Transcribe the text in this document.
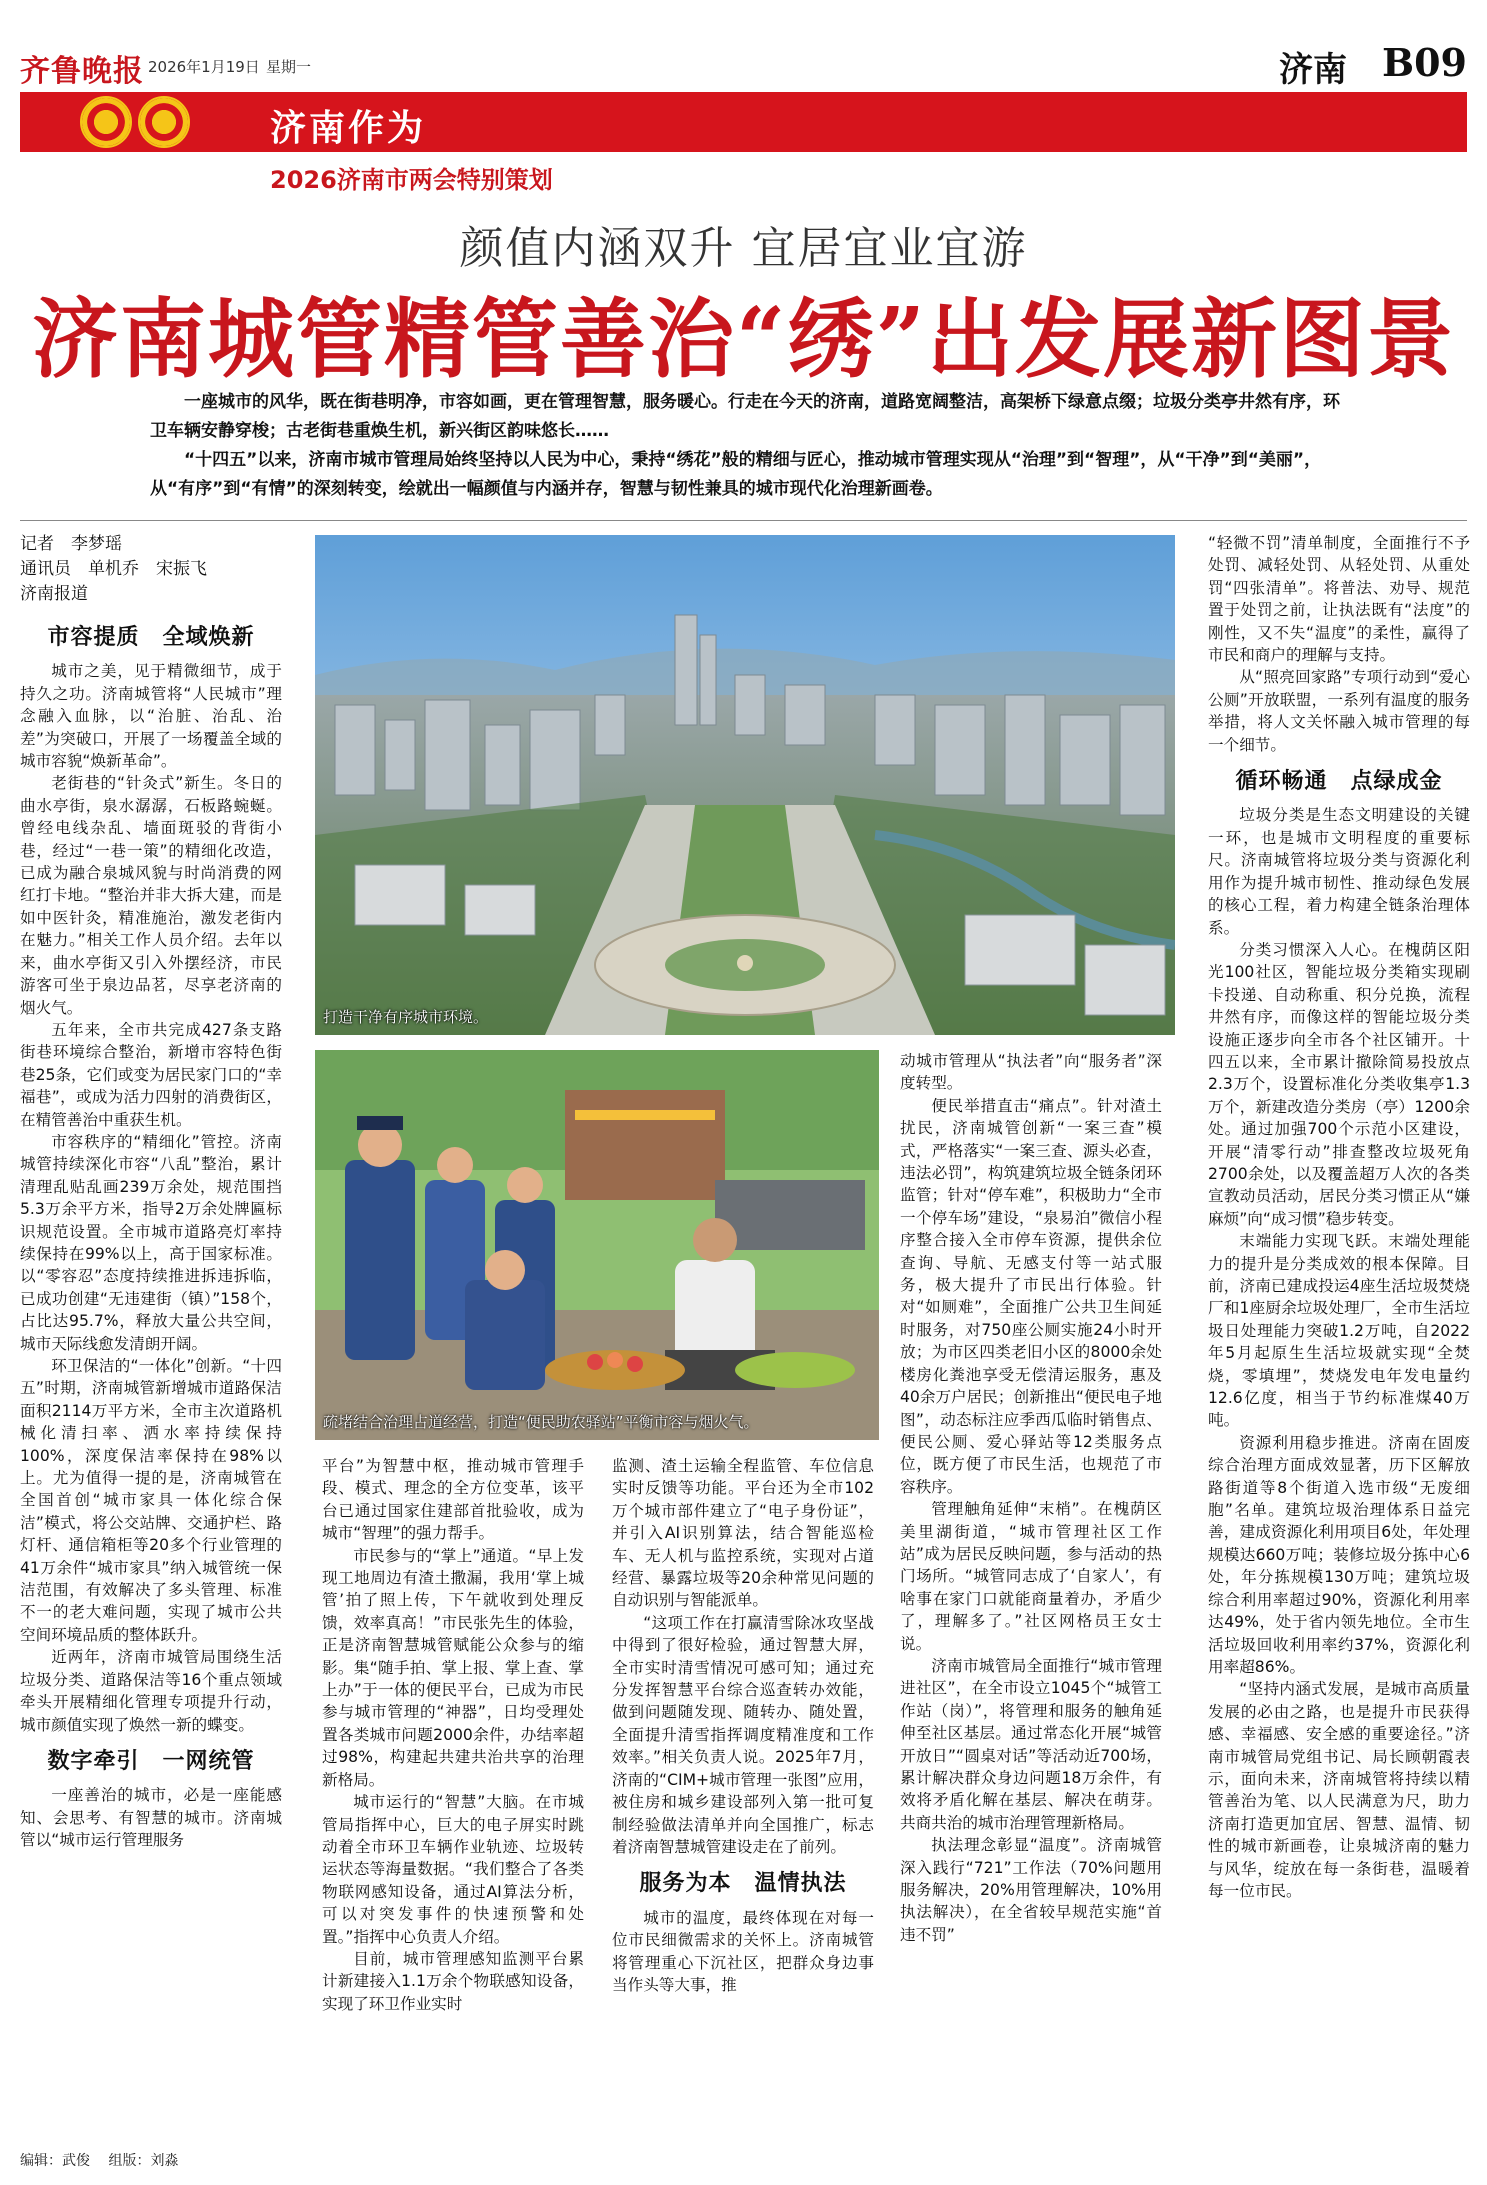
齐鲁晚报 2026年1月19日 星期一	济南 B09
济南作为
2026济南市两会特别策划
颜值内涵双升 宜居宜业宜游
济南城管精管善治“绣”出发展新图景

一座城市的风华，既在街巷明净，市容如画，更在管理智慧，服务暖心。行走在今天的济南，道路宽阔整洁，高架桥下绿意点缀；垃圾分类亭井然有序，环卫车辆安静穿梭；古老街巷重焕生机，新兴街区韵味悠长……

“十四五”以来，济南市城市管理局始终坚持以人民为中心，秉持“绣花”般的精细与匠心，推动城市管理实现从“治理”到“智理”，从“干净”到“美丽”，从“有序”到“有情”的深刻转变，绘就出一幅颜值与内涵并存，智慧与韧性兼具的城市现代化治理新画卷。

记者　李梦瑶
通讯员　单机乔　宋振飞
济南报道
市容提质　全域焕新

城市之美，见于精微细节，成于持久之功。济南城管将“人民城市”理念融入血脉，以“治脏、治乱、治差”为突破口，开展了一场覆盖全域的城市容貌“焕新革命”。

老街巷的“针灸式”新生。冬日的曲水亭街，泉水潺潺，石板路蜿蜒。曾经电线杂乱、墙面斑驳的背街小巷，经过“一巷一策”的精细化改造，已成为融合泉城风貌与时尚消费的网红打卡地。“整治并非大拆大建，而是如中医针灸，精准施治，激发老街内在魅力。”相关工作人员介绍。去年以来，曲水亭街又引入外摆经济，市民游客可坐于泉边品茗，尽享老济南的烟火气。

五年来，全市共完成427条支路街巷环境综合整治，新增市容特色街巷25条，它们或变为居民家门口的“幸福巷”，或成为活力四射的消费街区，在精管善治中重获生机。

市容秩序的“精细化”管控。济南城管持续深化市容“八乱”整治，累计清理乱贴乱画239万余处，规范围挡5.3万余平方米，指导2万余处牌匾标识规范设置。全市城市道路亮灯率持续保持在99%以上，高于国家标准。以“零容忍”态度持续推进拆违拆临，已成功创建“无违建街（镇）”158个，占比达95.7%，释放大量公共空间，城市天际线愈发清朗开阔。

环卫保洁的“一体化”创新。“十四五”时期，济南城管新增城市道路保洁面积2114万平方米，全市主次道路机械化清扫率、洒水率持续保持100%，深度保洁率保持在98%以上。尤为值得一提的是，济南城管在全国首创“城市家具一体化综合保洁”模式，将公交站牌、交通护栏、路灯杆、通信箱柜等20多个行业管理的41万余件“城市家具”纳入城管统一保洁范围，有效解决了多头管理、标准不一的老大难问题，实现了城市公共空间环境品质的整体跃升。

近两年，济南市城管局围绕生活垃圾分类、道路保洁等16个重点领域牵头开展精细化管理专项提升行动，城市颜值实现了焕然一新的蝶变。

数字牵引　一网统管

一座善治的城市，必是一座能感知、会思考、有智慧的城市。济南城管以“城市运行管理服务

打造干净有序城市环境。
疏堵结合治理占道经营，打造“便民助农驿站”平衡市容与烟火气。

平台”为智慧中枢，推动城市管理手段、模式、理念的全方位变革，该平台已通过国家住建部首批验收，成为城市“智理”的强力帮手。

市民参与的“掌上”通道。“早上发现工地周边有渣土撒漏，我用‘掌上城管’拍了照上传，下午就收到处理反馈，效率真高！”市民张先生的体验，正是济南智慧城管赋能公众参与的缩影。集“随手拍、掌上报、掌上查、掌上办”于一体的便民平台，已成为市民参与城市管理的“神器”，日均受理处置各类城市问题2000余件，办结率超过98%，构建起共建共治共享的治理新格局。

城市运行的“智慧”大脑。在市城管局指挥中心，巨大的电子屏实时跳动着全市环卫车辆作业轨迹、垃圾转运状态等海量数据。“我们整合了各类物联网感知设备，通过AI算法分析，可以对突发事件的快速预警和处置。”指挥中心负责人介绍。

目前，城市管理感知监测平台累计新建接入1.1万余个物联感知设备，实现了环卫作业实时

监测、渣土运输全程监管、车位信息实时反馈等功能。平台还为全市102万个城市部件建立了“电子身份证”，并引入AI识别算法，结合智能巡检车、无人机与监控系统，实现对占道经营、暴露垃圾等20余种常见问题的自动识别与智能派单。

“这项工作在打赢清雪除冰攻坚战中得到了很好检验，通过智慧大屏，全市实时清雪情况可感可知；通过充分发挥智慧平台综合巡查转办效能，做到问题随发现、随转办、随处置，全面提升清雪指挥调度精准度和工作效率。”相关负责人说。2025年7月，济南的“CIM+城市管理一张图”应用，被住房和城乡建设部列入第一批可复制经验做法清单并向全国推广，标志着济南智慧城管建设走在了前列。

服务为本　温情执法

城市的温度，最终体现在对每一位市民细微需求的关怀上。济南城管将管理重心下沉社区，把群众身边事当作头等大事，推

动城市管理从“执法者”向“服务者”深度转型。

便民举措直击“痛点”。针对渣土扰民，济南城管创新“一案三查”模式，严格落实“一案三查、源头必查，违法必罚”，构筑建筑垃圾全链条闭环监管；针对“停车难”，积极助力“全市一个停车场”建设，“泉易泊”微信小程序整合接入全市停车资源，提供余位查询、导航、无感支付等一站式服务，极大提升了市民出行体验。针对“如厕难”，全面推广公共卫生间延时服务，对750座公厕实施24小时开放；为市区四类老旧小区的8000余处楼房化粪池享受无偿清运服务，惠及40余万户居民；创新推出“便民电子地图”，动态标注应季西瓜临时销售点、便民公厕、爱心驿站等12类服务点位，既方便了市民生活，也规范了市容秩序。

管理触角延伸“末梢”。在槐荫区美里湖街道，“城市管理社区工作站”成为居民反映问题，参与活动的热门场所。“城管同志成了‘自家人’，有啥事在家门口就能商量着办，矛盾少了，理解多了。”社区网格员王女士说。

济南市城管局全面推行“城市管理进社区”，在全市设立1045个“城管工作站（岗）”，将管理和服务的触角延伸至社区基层。通过常态化开展“城管开放日”“圆桌对话”等活动近700场，累计解决群众身边问题18万余件，有效将矛盾化解在基层、解决在萌芽。共商共治的城市治理管理新格局。

执法理念彰显“温度”。济南城管深入践行“721”工作法（70%问题用服务解决，20%用管理解决，10%用执法解决），在全省较早规范实施“首违不罚”

“轻微不罚”清单制度，全面推行不予处罚、减轻处罚、从轻处罚、从重处罚“四张清单”。将普法、劝导、规范置于处罚之前，让执法既有“法度”的刚性，又不失“温度”的柔性，赢得了市民和商户的理解与支持。

从“照亮回家路”专项行动到“爱心公厕”开放联盟，一系列有温度的服务举措，将人文关怀融入城市管理的每一个细节。

循环畅通　点绿成金

垃圾分类是生态文明建设的关键一环，也是城市文明程度的重要标尺。济南城管将垃圾分类与资源化利用作为提升城市韧性、推动绿色发展的核心工程，着力构建全链条治理体系。

分类习惯深入人心。在槐荫区阳光100社区，智能垃圾分类箱实现刷卡投递、自动称重、积分兑换，流程井然有序，而像这样的智能垃圾分类设施正逐步向全市各个社区铺开。十四五以来，全市累计撤除简易投放点2.3万个，设置标准化分类收集亭1.3万个，新建改造分类房（亭）1200余处。通过加强700个示范小区建设，开展“清零行动”排查整改垃圾死角2700余处，以及覆盖超万人次的各类宣教动员活动，居民分类习惯正从“嫌麻烦”向“成习惯”稳步转变。

末端能力实现飞跃。末端处理能力的提升是分类成效的根本保障。目前，济南已建成投运4座生活垃圾焚烧厂和1座厨余垃圾处理厂，全市生活垃圾日处理能力突破1.2万吨，自2022年5月起原生生活垃圾就实现“全焚烧，零填埋”，焚烧发电年发电量约12.6亿度，相当于节约标准煤40万吨。

资源利用稳步推进。济南在固废综合治理方面成效显著，历下区解放路街道等8个街道入选市级“无废细胞”名单。建筑垃圾治理体系日益完善，建成资源化利用项目6处，年处理规模达660万吨；装修垃圾分拣中心6处，年分拣规模130万吨；建筑垃圾综合利用率超过90%，资源化利用率达49%，处于省内领先地位。全市生活垃圾回收利用率约37%，资源化利用率超86%。

“坚持内涵式发展，是城市高质量发展的必由之路，也是提升市民获得感、幸福感、安全感的重要途径。”济南市城管局党组书记、局长顾朝霞表示，面向未来，济南城管将持续以精管善治为笔、以人民满意为尺，助力济南打造更加宜居、智慧、温情、韧性的城市新画卷，让泉城济南的魅力与风华，绽放在每一条街巷，温暖着每一位市民。

编辑：武俊 组版：刘淼
